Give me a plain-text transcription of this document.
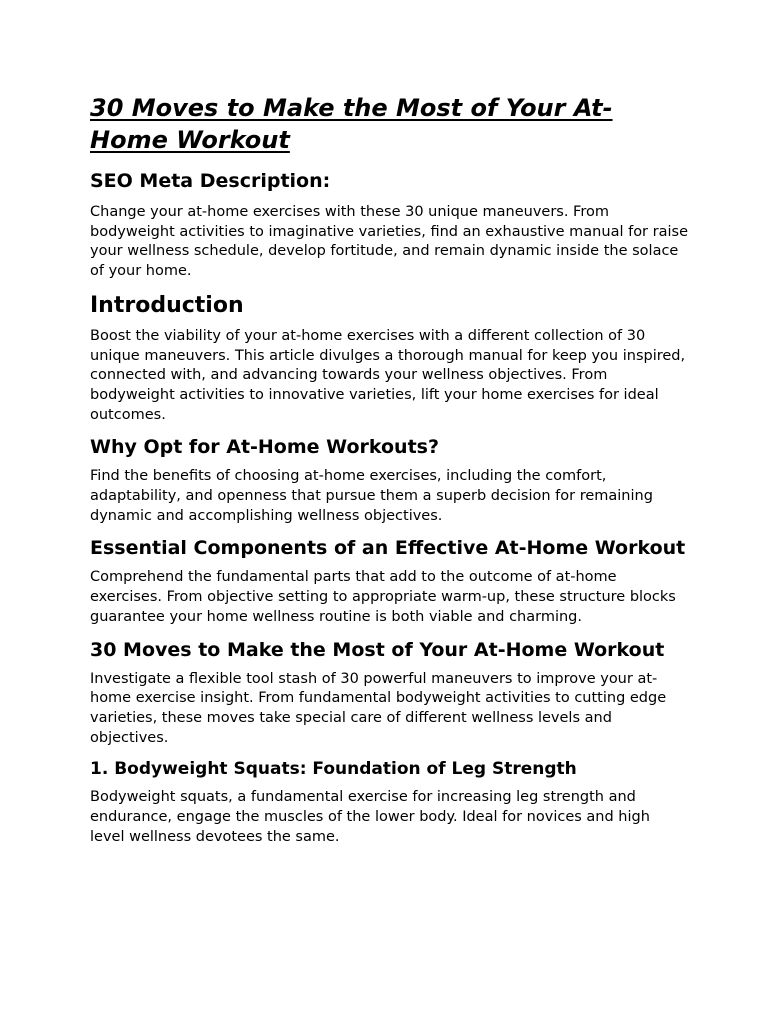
30 Moves to Make the Most of Your At-Home Workout
SEO Meta Description:

Change your at-home exercises with these 30 unique maneuvers. From bodyweight activities to imaginative varieties, find an exhaustive manual for raise your wellness schedule, develop fortitude, and remain dynamic inside the solace of your home.

Introduction

Boost the viability of your at-home exercises with a different collection of 30 unique maneuvers. This article divulges a thorough manual for keep you inspired, connected with, and advancing towards your wellness objectives. From bodyweight activities to innovative varieties, lift your home exercises for ideal outcomes.

Why Opt for At-Home Workouts?

Find the benefits of choosing at-home exercises, including the comfort, adaptability, and openness that pursue them a superb decision for remaining dynamic and accomplishing wellness objectives.

Essential Components of an Effective At-Home Workout

Comprehend the fundamental parts that add to the outcome of at-home exercises. From objective setting to appropriate warm-up, these structure blocks guarantee your home wellness routine is both viable and charming.

30 Moves to Make the Most of Your At-Home Workout

Investigate a flexible tool stash of 30 powerful maneuvers to improve your at-home exercise insight. From fundamental bodyweight activities to cutting edge varieties, these moves take special care of different wellness levels and objectives.

1. Bodyweight Squats: Foundation of Leg Strength

Bodyweight squats, a fundamental exercise for increasing leg strength and endurance, engage the muscles of the lower body. Ideal for novices and high level wellness devotees the same.
